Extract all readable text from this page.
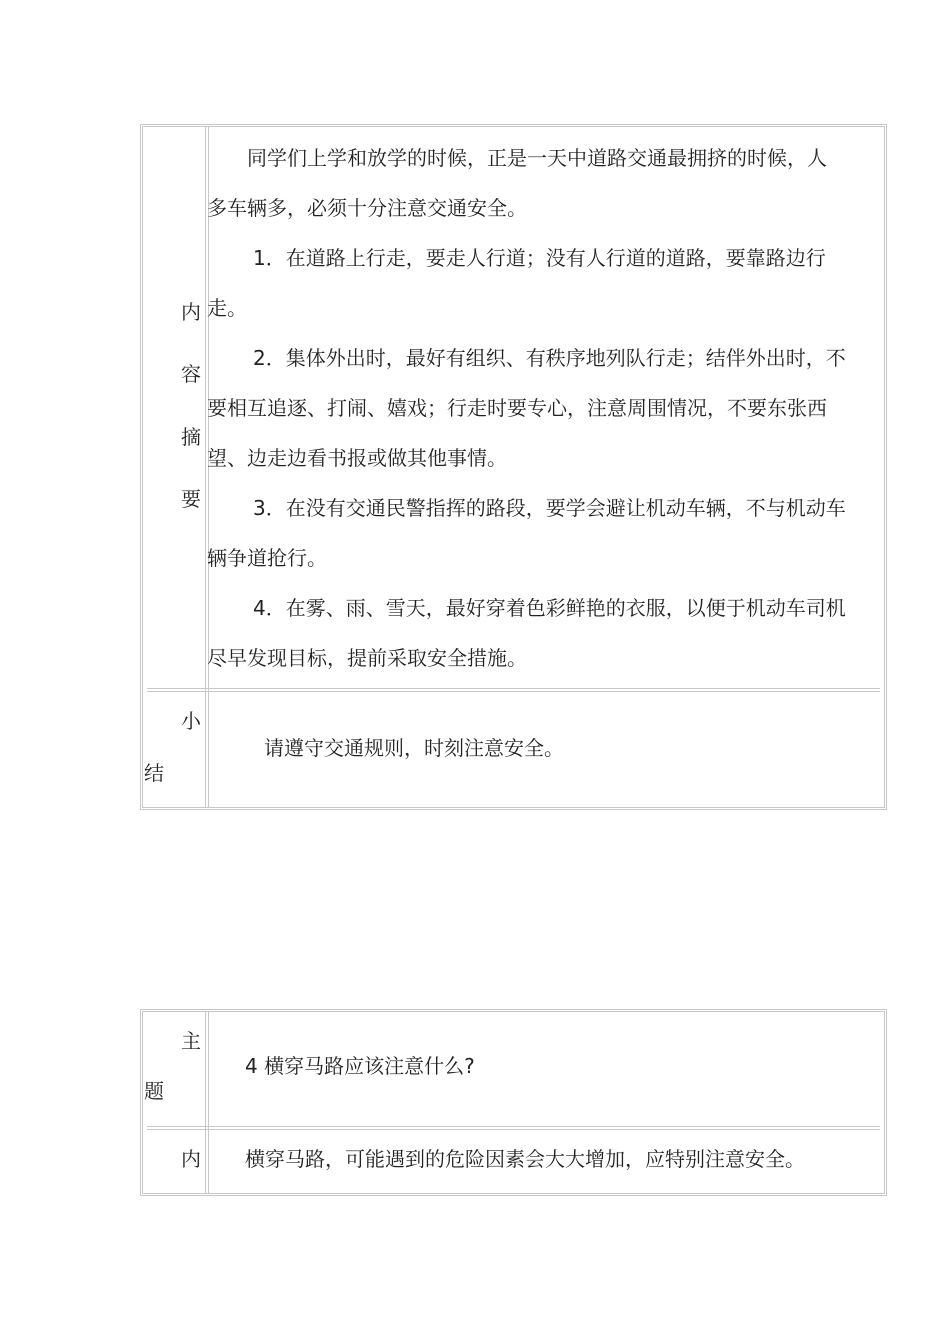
内
容
摘
要
同学们上学和放学的时候，正是一天中道路交通最拥挤的时候，人
多车辆多，必须十分注意交通安全。
1．在道路上行走，要走人行道；没有人行道的道路，要靠路边行
走。
2．集体外出时，最好有组织、有秩序地列队行走；结伴外出时，不
要相互追逐、打闹、嬉戏；行走时要专心，注意周围情况，不要东张西
望、边走边看书报或做其他事情。
3．在没有交通民警指挥的路段，要学会避让机动车辆，不与机动车
辆争道抢行。
4．在雾、雨、雪天，最好穿着色彩鲜艳的衣服，以便于机动车司机
尽早发现目标，提前采取安全措施。
小
结
请遵守交通规则，时刻注意安全。
主
题
4 横穿马路应该注意什么?
内 横穿马路，可能遇到的危险因素会大大增加，应特别注意安全。
